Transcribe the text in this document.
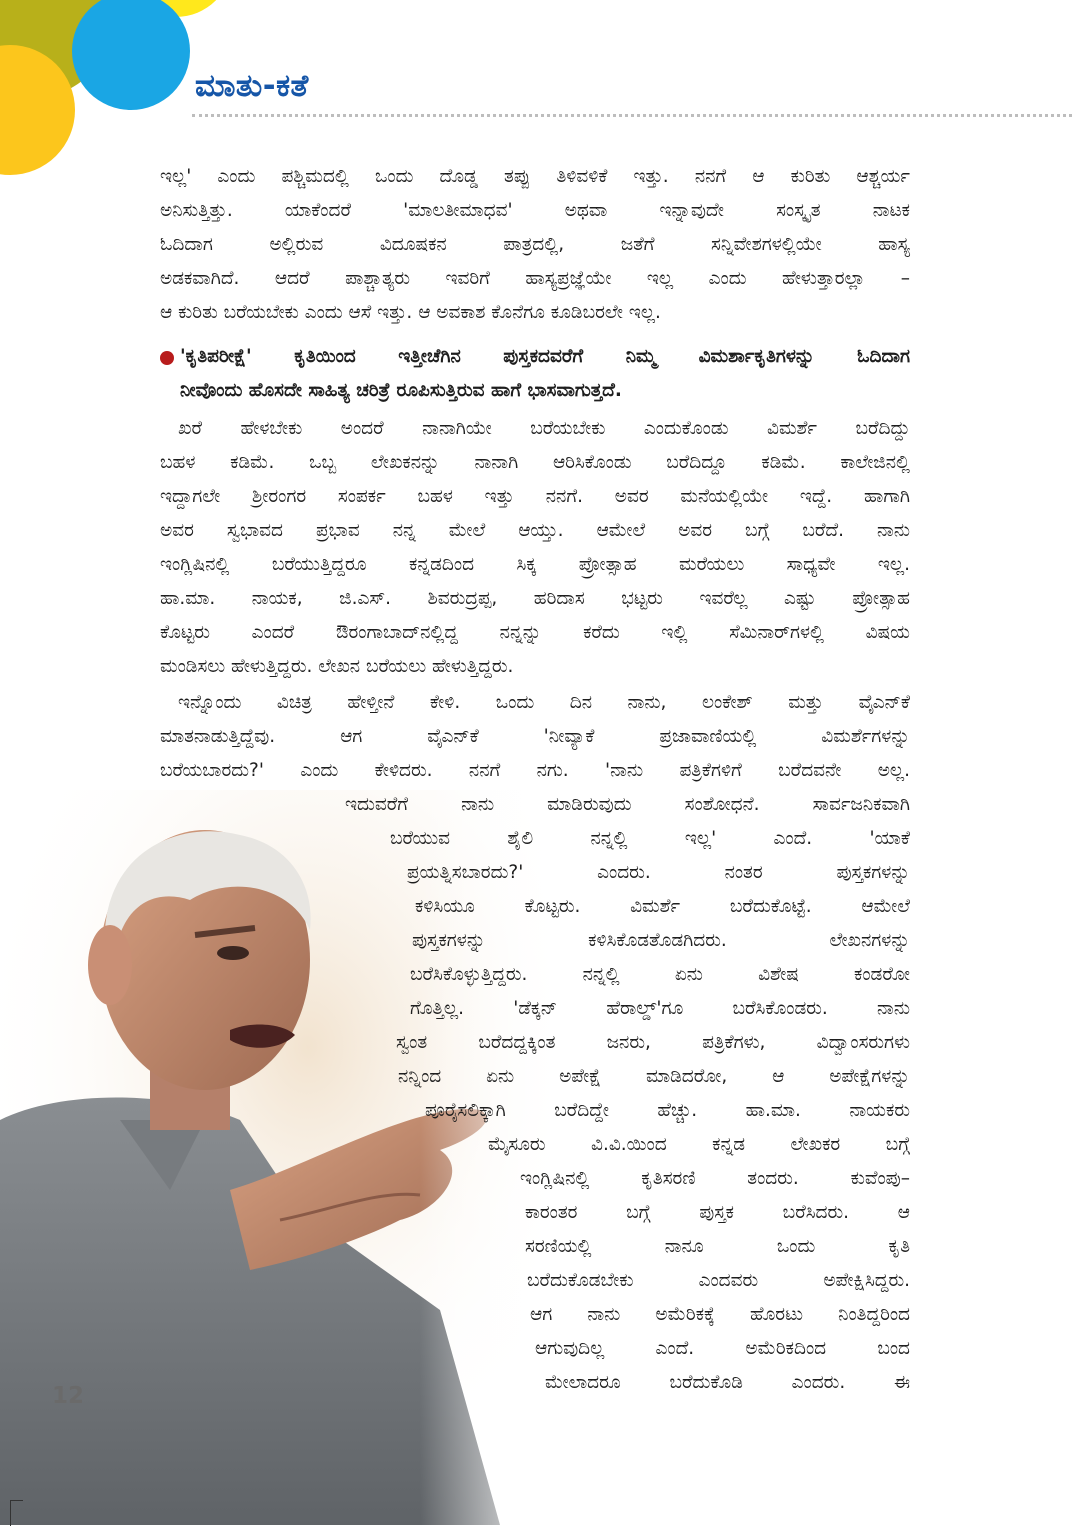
ಮಾತು-ಕತೆ
ಇಲ್ಲ' ಎಂದು ಪಶ್ಚಿಮದಲ್ಲಿ ಒಂದು ದೊಡ್ಡ ತಪ್ಪು ತಿಳಿವಳಿಕೆ ಇತ್ತು. ನನಗೆ ಆ ಕುರಿತು ಆಶ್ಚರ್ಯ
ಅನಿಸುತ್ತಿತ್ತು. ಯಾಕೆಂದರೆ 'ಮಾಲತೀಮಾಧವ' ಅಥವಾ ಇನ್ನಾವುದೇ ಸಂಸ್ಕೃತ ನಾಟಕ
ಓದಿದಾಗ ಅಲ್ಲಿರುವ ವಿದೂಷಕನ ಪಾತ್ರದಲ್ಲಿ, ಜತೆಗೆ ಸನ್ನಿವೇಶಗಳಲ್ಲಿಯೇ ಹಾಸ್ಯ
ಅಡಕವಾಗಿದೆ. ಆದರೆ ಪಾಶ್ಚಾತ್ಯರು ಇವರಿಗೆ ಹಾಸ್ಯಪ್ರಜ್ಞೆಯೇ ಇಲ್ಲ ಎಂದು ಹೇಳುತ್ತಾರಲ್ಲಾ –
ಆ ಕುರಿತು ಬರೆಯಬೇಕು ಎಂದು ಆಸೆ ಇತ್ತು. ಆ ಅವಕಾಶ ಕೊನೆಗೂ ಕೂಡಿಬರಲೇ ಇಲ್ಲ.
'ಕೃತಿಪರೀಕ್ಷೆ' ಕೃತಿಯಿಂದ ಇತ್ತೀಚೆಗಿನ ಪುಸ್ತಕದವರೆಗೆ ನಿಮ್ಮ ವಿಮರ್ಶಾಕೃತಿಗಳನ್ನು ಓದಿದಾಗ
ನೀವೊಂದು ಹೊಸದೇ ಸಾಹಿತ್ಯ ಚರಿತ್ರೆ ರೂಪಿಸುತ್ತಿರುವ ಹಾಗೆ ಭಾಸವಾಗುತ್ತದೆ.
ಖರೆ ಹೇಳಬೇಕು ಅಂದರೆ ನಾನಾಗಿಯೇ ಬರೆಯಬೇಕು ಎಂದುಕೊಂಡು ವಿಮರ್ಶೆ ಬರೆದಿದ್ದು
ಬಹಳ ಕಡಿಮೆ. ಒಬ್ಬ ಲೇಖಕನನ್ನು ನಾನಾಗಿ ಆರಿಸಿಕೊಂಡು ಬರೆದಿದ್ದೂ ಕಡಿಮೆ. ಕಾಲೇಜಿನಲ್ಲಿ
ಇದ್ದಾಗಲೇ ಶ್ರೀರಂಗರ ಸಂಪರ್ಕ ಬಹಳ ಇತ್ತು ನನಗೆ. ಅವರ ಮನೆಯಲ್ಲಿಯೇ ಇದ್ದೆ. ಹಾಗಾಗಿ
ಅವರ ಸ್ವಭಾವದ ಪ್ರಭಾವ ನನ್ನ ಮೇಲೆ ಆಯ್ತು. ಆಮೇಲೆ ಅವರ ಬಗ್ಗೆ ಬರೆದೆ. ನಾನು
ಇಂಗ್ಲಿಷಿನಲ್ಲಿ ಬರೆಯುತ್ತಿದ್ದರೂ ಕನ್ನಡದಿಂದ ಸಿಕ್ಕ ಪ್ರೋತ್ಸಾಹ ಮರೆಯಲು ಸಾಧ್ಯವೇ ಇಲ್ಲ.
ಹಾ.ಮಾ. ನಾಯಕ, ಜಿ.ಎಸ್. ಶಿವರುದ್ರಪ್ಪ, ಹರಿದಾಸ ಭಟ್ಟರು ಇವರೆಲ್ಲ ಎಷ್ಟು ಪ್ರೋತ್ಸಾಹ
ಕೊಟ್ಟರು ಎಂದರೆ ಔರಂಗಾಬಾದ್‌ನಲ್ಲಿದ್ದ ನನ್ನನ್ನು ಕರೆದು ಇಲ್ಲಿ ಸೆಮಿನಾರ್‌ಗಳಲ್ಲಿ ವಿಷಯ
ಮಂಡಿಸಲು ಹೇಳುತ್ತಿದ್ದರು. ಲೇಖನ ಬರೆಯಲು ಹೇಳುತ್ತಿದ್ದರು.
ಇನ್ನೊಂದು ವಿಚಿತ್ರ ಹೇಳ್ತೀನೆ ಕೇಳಿ. ಒಂದು ದಿನ ನಾನು, ಲಂಕೇಶ್ ಮತ್ತು ವೈಎನ್‌ಕೆ
ಮಾತನಾಡುತ್ತಿದ್ದೆವು. ಆಗ ವೈಎನ್‌ಕೆ 'ನೀವ್ಯಾಕೆ ಪ್ರಜಾವಾಣಿಯಲ್ಲಿ ವಿಮರ್ಶೆಗಳನ್ನು
ಬರೆಯಬಾರದು?' ಎಂದು ಕೇಳಿದರು. ನನಗೆ ನಗು. 'ನಾನು ಪತ್ರಿಕೆಗಳಿಗೆ ಬರೆದವನೇ ಅಲ್ಲ.
ಇದುವರೆಗೆ ನಾನು ಮಾಡಿರುವುದು ಸಂಶೋಧನೆ. ಸಾರ್ವಜನಿಕವಾಗಿ
ಬರೆಯುವ ಶೈಲಿ ನನ್ನಲ್ಲಿ ಇಲ್ಲ' ಎಂದೆ. 'ಯಾಕೆ
ಪ್ರಯತ್ನಿಸಬಾರದು?' ಎಂದರು. ನಂತರ ಪುಸ್ತಕಗಳನ್ನು
ಕಳಿಸಿಯೂ ಕೊಟ್ಟರು. ವಿಮರ್ಶೆ ಬರೆದುಕೊಟ್ಟೆ. ಆಮೇಲೆ
ಪುಸ್ತಕಗಳನ್ನು ಕಳಿಸಿಕೊಡತೊಡಗಿದರು. ಲೇಖನಗಳನ್ನು
ಬರೆಸಿಕೊಳ್ಳುತ್ತಿದ್ದರು. ನನ್ನಲ್ಲಿ ಏನು ವಿಶೇಷ ಕಂಡರೋ
ಗೊತ್ತಿಲ್ಲ. 'ಡೆಕ್ಕನ್ ಹೆರಾಲ್ಡ್'ಗೂ ಬರೆಸಿಕೊಂಡರು. ನಾನು
ಸ್ವಂತ ಬರೆದದ್ದಕ್ಕಿಂತ ಜನರು, ಪತ್ರಿಕೆಗಳು, ವಿದ್ವಾಂಸರುಗಳು
ನನ್ನಿಂದ ಏನು ಅಪೇಕ್ಷೆ ಮಾಡಿದರೋ, ಆ ಅಪೇಕ್ಷೆಗಳನ್ನು
ಪೂರೈಸಲಿಕ್ಕಾಗಿ ಬರೆದಿದ್ದೇ ಹೆಚ್ಚು. ಹಾ.ಮಾ. ನಾಯಕರು
ಮೈಸೂರು ವಿ.ವಿ.ಯಿಂದ ಕನ್ನಡ ಲೇಖಕರ ಬಗ್ಗೆ
ಇಂಗ್ಲಿಷಿನಲ್ಲಿ ಕೃತಿಸರಣಿ ತಂದರು. ಕುವೆಂಪು–
ಕಾರಂತರ ಬಗ್ಗೆ ಪುಸ್ತಕ ಬರೆಸಿದರು. ಆ
ಸರಣಿಯಲ್ಲಿ ನಾನೂ ಒಂದು ಕೃತಿ
ಬರೆದುಕೊಡಬೇಕು ಎಂದವರು ಅಪೇಕ್ಷಿಸಿದ್ದರು.
ಆಗ ನಾನು ಅಮೆರಿಕಕ್ಕೆ ಹೊರಟು ನಿಂತಿದ್ದರಿಂದ
ಆಗುವುದಿಲ್ಲ ಎಂದೆ. ಅಮೆರಿಕದಿಂದ ಬಂದ
ಮೇಲಾದರೂ ಬರೆದುಕೊಡಿ ಎಂದರು. ಈ
12
